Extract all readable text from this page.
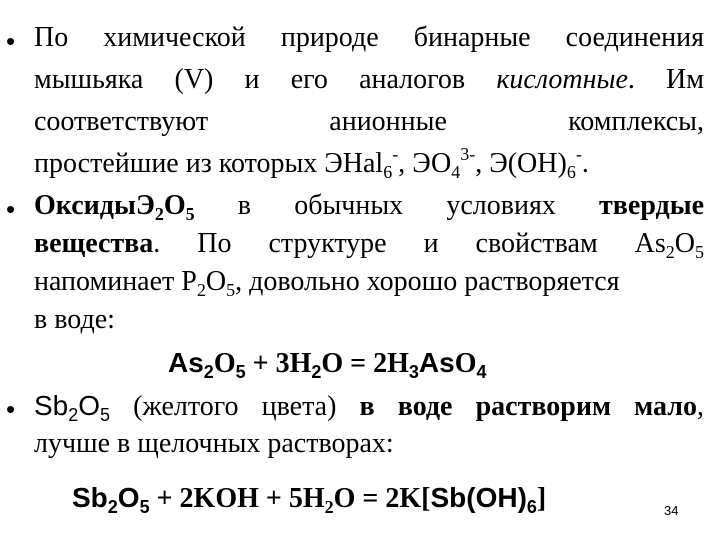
• По химической природе бинарные соединения
мышьяка (V) и его аналогов кислотные. Им
соответствуют анионные комплексы,
простейшие из которых ЭHal$_6$-, $ЭО_4^{3-}$, $Э(OH)_6^-$.
• $ОксидыЭ_2O_5$ в обычных условиях твердые
вещества. По структуре и свойствам $As_2O_5$
напоминает $P_2O_5$, довольно хорошо растворяется
в воде:
$As_2O_5 + 3H_2O = 2H_3AsO_4$
• $Sb_2O_5$ (желтого цвета) в воде растворим мало,
лучше в щелочных растворах:
$Sb_2O_5 + 2KOH + 5H_2O = 2K[Sb(OH)_6]$	34
